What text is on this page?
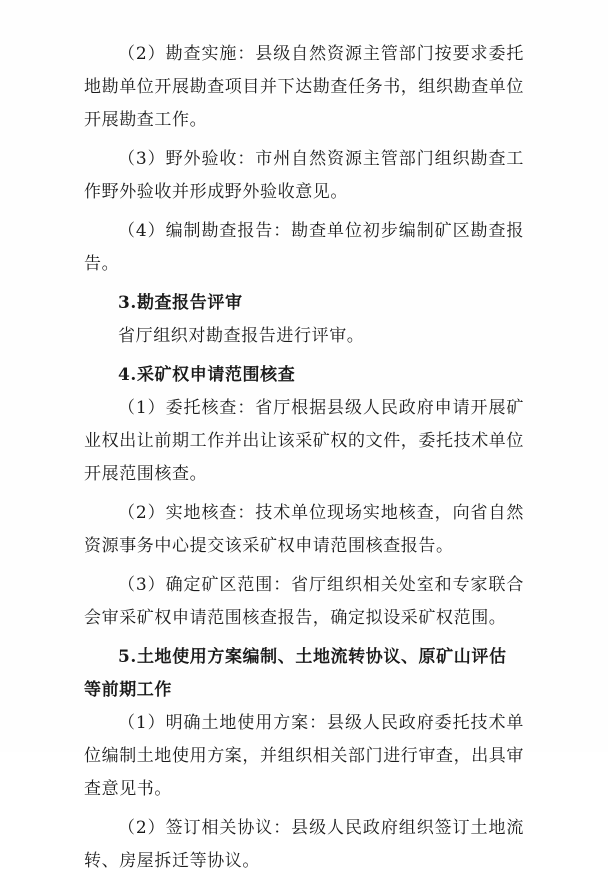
（2）勘查实施：县级自然资源主管部门按要求委托地勘单位开展勘查项目并下达勘查任务书，组织勘查单位开展勘查工作。

（3）野外验收：市州自然资源主管部门组织勘查工作野外验收并形成野外验收意见。

（4）编制勘查报告：勘查单位初步编制矿区勘查报告。

3.勘查报告评审

省厅组织对勘查报告进行评审。

4.采矿权申请范围核查

（1）委托核查：省厅根据县级人民政府申请开展矿业权出让前期工作并出让该采矿权的文件，委托技术单位开展范围核查。

（2）实地核查：技术单位现场实地核查，向省自然资源事务中心提交该采矿权申请范围核查报告。

（3）确定矿区范围：省厅组织相关处室和专家联合会审采矿权申请范围核查报告，确定拟设采矿权范围。

5.土地使用方案编制、土地流转协议、原矿山评估等前期工作

（1）明确土地使用方案：县级人民政府委托技术单位编制土地使用方案，并组织相关部门进行审查，出具审查意见书。

（2）签订相关协议：县级人民政府组织签订土地流转、房屋拆迁等协议。
